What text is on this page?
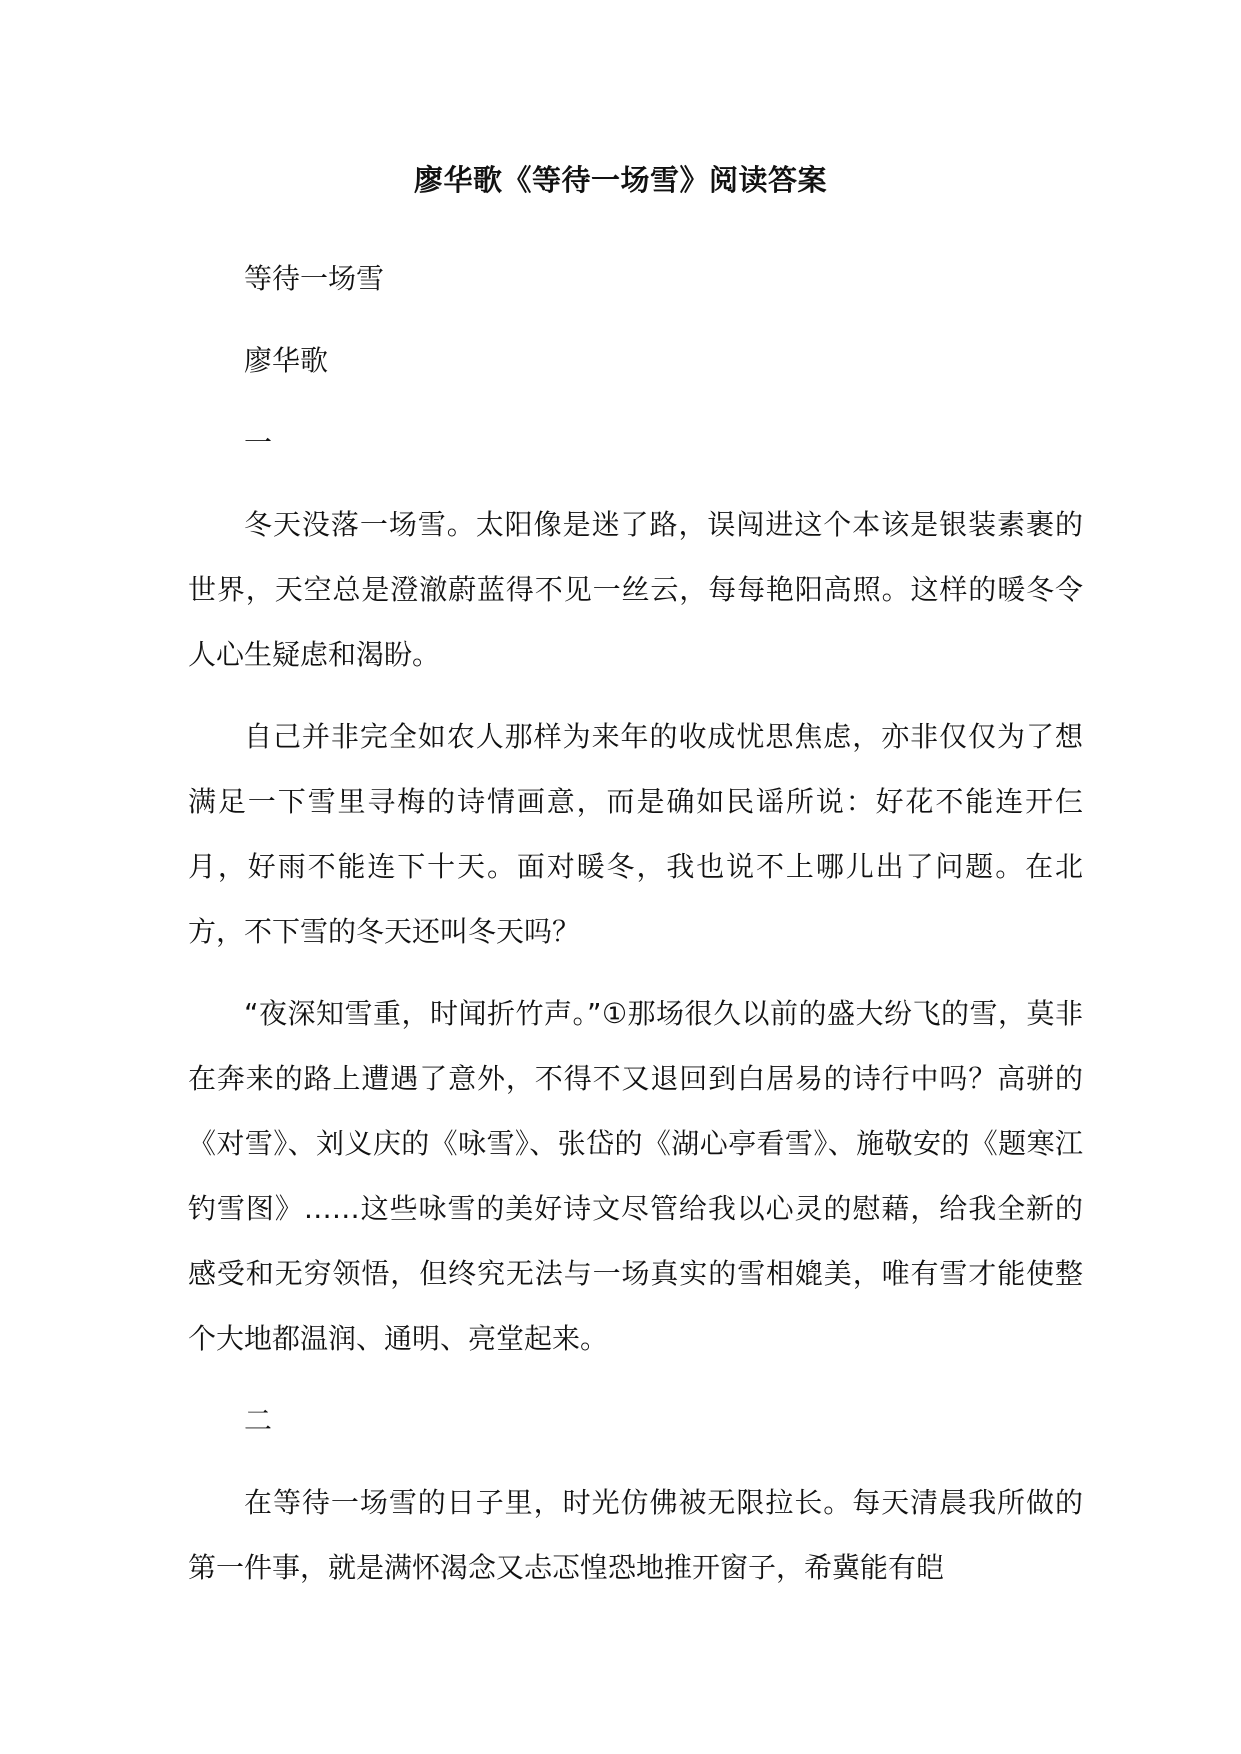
廖华歌《等待一场雪》阅读答案

等待一场雪

廖华歌

一

冬天没落一场雪。太阳像是迷了路，误闯进这个本该是银装素裹的世界，天空总是澄澈蔚蓝得不见一丝云，每每艳阳高照。这样的暖冬令人心生疑虑和渴盼。

自己并非完全如农人那样为来年的收成忧思焦虑，亦非仅仅为了想满足一下雪里寻梅的诗情画意，而是确如民谣所说：好花不能连开仨月，好雨不能连下十天。面对暖冬，我也说不上哪儿出了问题。在北方，不下雪的冬天还叫冬天吗？

“夜深知雪重，时闻折竹声。”①那场很久以前的盛大纷飞的雪，莫非在奔来的路上遭遇了意外，不得不又退回到白居易的诗行中吗？高骈的《对雪》、刘义庆的《咏雪》、张岱的《湖心亭看雪》、施敬安的《题寒江钓雪图》……这些咏雪的美好诗文尽管给我以心灵的慰藉，给我全新的感受和无穷领悟，但终究无法与一场真实的雪相媲美，唯有雪才能使整个大地都温润、通明、亮堂起来。

二

在等待一场雪的日子里，时光仿佛被无限拉长。每天清晨我所做的第一件事，就是满怀渴念又忐忑惶恐地推开窗子，希冀能有皑
